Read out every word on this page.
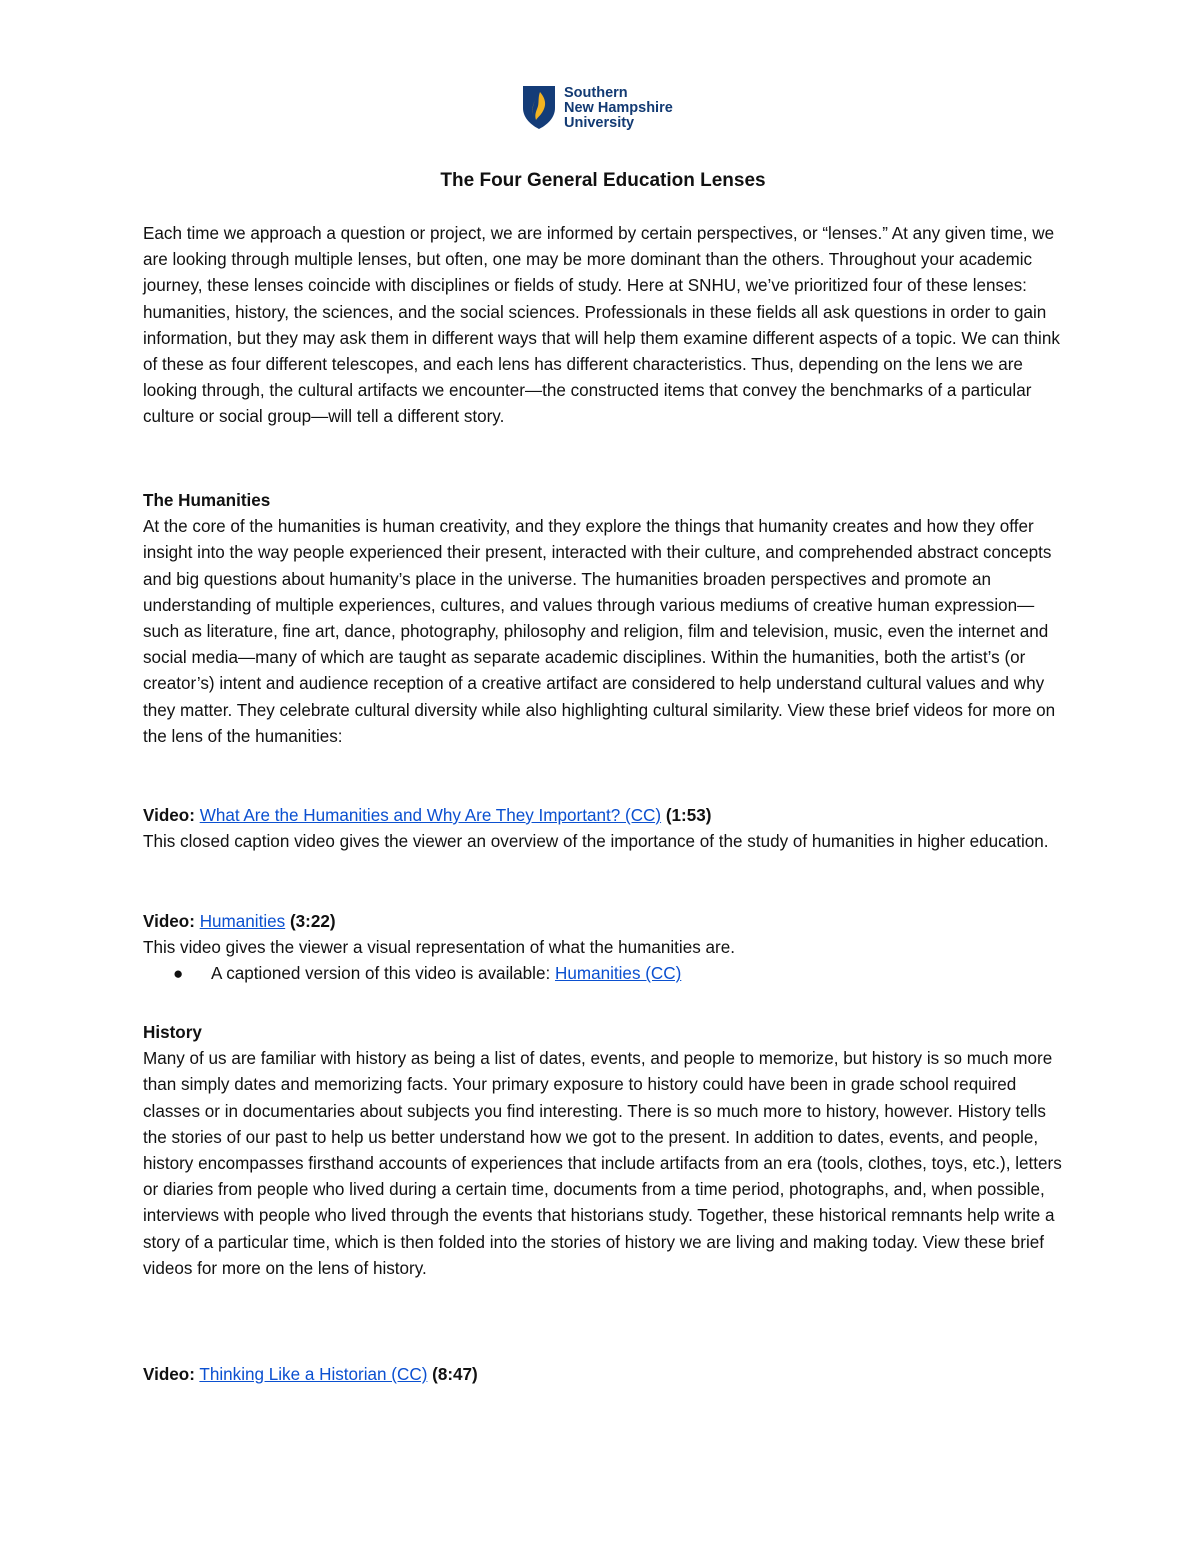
Southern
New Hampshire
University
The Four General Education Lenses

Each time we approach a question or project, we are informed by certain perspectives, or “lenses.” At any given time, we are looking through multiple lenses, but often, one may be more dominant than the others. Throughout your academic journey, these lenses coincide with disciplines or fields of study. Here at SNHU, we’ve prioritized four of these lenses: humanities, history, the sciences, and the social sciences. Professionals in these fields all ask questions in order to gain information, but they may ask them in different ways that will help them examine different aspects of a topic. We can think of these as four different telescopes, and each lens has different characteristics. Thus, depending on the lens we are looking through, the cultural artifacts we encounter—the constructed items that convey the benchmarks of a particular culture or social group—will tell a different story.

The Humanities

At the core of the humanities is human creativity, and they explore the things that humanity creates and how they offer insight into the way people experienced their present, interacted with their culture, and comprehended abstract concepts and big questions about humanity’s place in the universe. The humanities broaden perspectives and promote an understanding of multiple experiences, cultures, and values through various mediums of creative human expression—such as literature, fine art, dance, photography, philosophy and religion, film and television, music, even the internet and social media—many of which are taught as separate academic disciplines. Within the humanities, both the artist’s (or creator’s) intent and audience reception of a creative artifact are considered to help understand cultural values and why they matter. They celebrate cultural diversity while also highlighting cultural similarity. View these brief videos for more on the lens of the humanities:

Video: What Are the Humanities and Why Are They Important? (CC) (1:53)

This closed caption video gives the viewer an overview of the importance of the study of humanities in higher education.

Video: Humanities (3:22)

This video gives the viewer a visual representation of what the humanities are.

● A captioned version of this video is available: Humanities (CC)

History

Many of us are familiar with history as being a list of dates, events, and people to memorize, but history is so much more than simply dates and memorizing facts. Your primary exposure to history could have been in grade school required classes or in documentaries about subjects you find interesting. There is so much more to history, however. History tells the stories of our past to help us better understand how we got to the present. In addition to dates, events, and people, history encompasses firsthand accounts of experiences that include artifacts from an era (tools, clothes, toys, etc.), letters or diaries from people who lived during a certain time, documents from a time period, photographs, and, when possible, interviews with people who lived through the events that historians study. Together, these historical remnants help write a story of a particular time, which is then folded into the stories of history we are living and making today. View these brief videos for more on the lens of history.

Video: Thinking Like a Historian (CC) (8:47)
